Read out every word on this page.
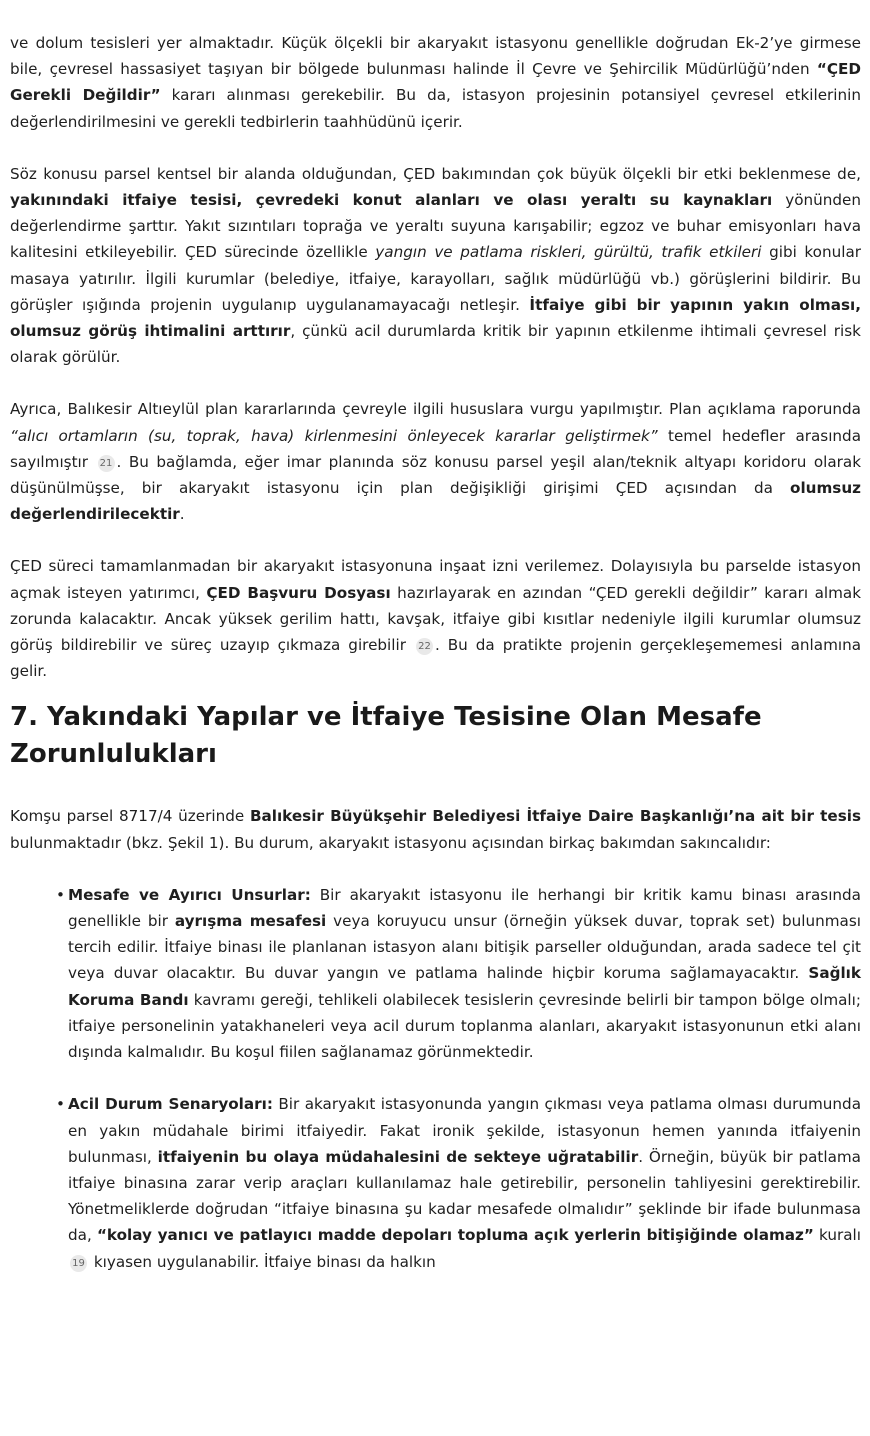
ve dolum tesisleri yer almaktadır. Küçük ölçekli bir akaryakıt istasyonu genellikle doğrudan Ek-2’ye girmese bile, çevresel hassasiyet taşıyan bir bölgede bulunması halinde İl Çevre ve Şehircilik Müdürlüğü’nden “ÇED Gerekli Değildir” kararı alınması gerekebilir. Bu da, istasyon projesinin potansiyel çevresel etkilerinin değerlendirilmesini ve gerekli tedbirlerin taahhüdünü içerir.

Söz konusu parsel kentsel bir alanda olduğundan, ÇED bakımından çok büyük ölçekli bir etki beklenmese de, yakınındaki itfaiye tesisi, çevredeki konut alanları ve olası yeraltı su kaynakları yönünden değerlendirme şarttır. Yakıt sızıntıları toprağa ve yeraltı suyuna karışabilir; egzoz ve buhar emisyonları hava kalitesini etkileyebilir. ÇED sürecinde özellikle yangın ve patlama riskleri, gürültü, trafik etkileri gibi konular masaya yatırılır. İlgili kurumlar (belediye, itfaiye, karayolları, sağlık müdürlüğü vb.) görüşlerini bildirir. Bu görüşler ışığında projenin uygulanıp uygulanamayacağı netleşir. İtfaiye gibi bir yapının yakın olması, olumsuz görüş ihtimalini arttırır, çünkü acil durumlarda kritik bir yapının etkilenme ihtimali çevresel risk olarak görülür.

Ayrıca, Balıkesir Altıeylül plan kararlarında çevreyle ilgili hususlara vurgu yapılmıştır. Plan açıklama raporunda “alıcı ortamların (su, toprak, hava) kirlenmesini önleyecek kararlar geliştirmek” temel hedefler arasında sayılmıştır 21 . Bu bağlamda, eğer imar planında söz konusu parsel yeşil alan/teknik altyapı koridoru olarak düşünülmüşse, bir akaryakıt istasyonu için plan değişikliği girişimi ÇED açısından da olumsuz değerlendirilecektir.

ÇED süreci tamamlanmadan bir akaryakıt istasyonuna inşaat izni verilemez. Dolayısıyla bu parselde istasyon açmak isteyen yatırımcı, ÇED Başvuru Dosyası hazırlayarak en azından “ÇED gerekli değildir” kararı almak zorunda kalacaktır. Ancak yüksek gerilim hattı, kavşak, itfaiye gibi kısıtlar nedeniyle ilgili kurumlar olumsuz görüş bildirebilir ve süreç uzayıp çıkmaza girebilir 22 . Bu da pratikte projenin gerçekleşememesi anlamına gelir.

7. Yakındaki Yapılar ve İtfaiye Tesisine Olan Mesafe Zorunlulukları

Komşu parsel 8717/4 üzerinde Balıkesir Büyükşehir Belediyesi İtfaiye Daire Başkanlığı’na ait bir tesis bulunmaktadır (bkz. Şekil 1). Bu durum, akaryakıt istasyonu açısından birkaç bakımdan sakıncalıdır:

• Mesafe ve Ayırıcı Unsurlar: Bir akaryakıt istasyonu ile herhangi bir kritik kamu binası arasında genellikle bir ayrışma mesafesi veya koruyucu unsur (örneğin yüksek duvar, toprak set) bulunması tercih edilir. İtfaiye binası ile planlanan istasyon alanı bitişik parseller olduğundan, arada sadece tel çit veya duvar olacaktır. Bu duvar yangın ve patlama halinde hiçbir koruma sağlamayacaktır. Sağlık Koruma Bandı kavramı gereği, tehlikeli olabilecek tesislerin çevresinde belirli bir tampon bölge olmalı; itfaiye personelinin yatakhaneleri veya acil durum toplanma alanları, akaryakıt istasyonunun etki alanı dışında kalmalıdır. Bu koşul fiilen sağlanamaz görünmektedir.

• Acil Durum Senaryoları: Bir akaryakıt istasyonunda yangın çıkması veya patlama olması durumunda en yakın müdahale birimi itfaiyedir. Fakat ironik şekilde, istasyonun hemen yanında itfaiyenin bulunması, itfaiyenin bu olaya müdahalesini de sekteye uğratabilir. Örneğin, büyük bir patlama itfaiye binasına zarar verip araçları kullanılamaz hale getirebilir, personelin tahliyesini gerektirebilir. Yönetmeliklerde doğrudan “itfaiye binasına şu kadar mesafede olmalıdır” şeklinde bir ifade bulunmasa da, “kolay yanıcı ve patlayıcı madde depoları topluma açık yerlerin bitişiğinde olamaz” kuralı 19 kıyasen uygulanabilir. İtfaiye binası da halkın
